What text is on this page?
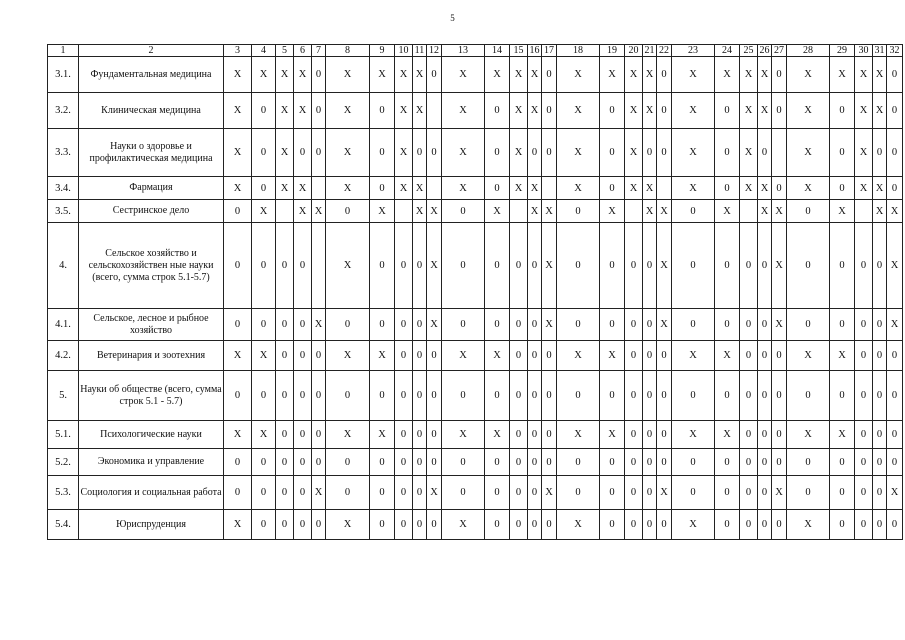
5
1	2	3	4	5	6	7	8	9	10	11	12	13	14	15	16	17	18	19	20	21	22	23	24	25	26	27	28	29	30	31	32
3.1.	Фундаментальная медицина	X	X	X	X	0	X	X	X	X	0	X	X	X	X	0	X	X	X	X	0	X	X	X	X	0	X	X	X	X	0
3.2.	Клиническая медицина	X	0	X	X	0	X	0	X	X		X	0	X	X	0	X	0	X	X	0	X	0	X	X	0	X	0	X	X	0
3.3.	Науки о здоровье и профилактическая медицина	X	0	X	0	0	X	0	X	0	0	X	0	X	0	0	X	0	X	0	0	X	0	X	0		X	0	X	0	0
3.4.	Фармация	X	0	X	X		X	0	X	X		X	0	X	X		X	0	X	X		X	0	X	X	0	X	0	X	X	0
3.5.	Сестринское дело	0	X		X	X	0	X		X	X	0	X		X	X	0	X		X	X	0	X		X	X	0	X		X	X
4.	Сельское хозяйство и сельскохозяйствен ные науки (всего, сумма строк 5.1-5.7)	0	0	0	0		X	0	0	0	X	0	0	0	0	X	0	0	0	0	X	0	0	0	0	X	0	0	0	0	X
4.1.	Сельское, лесное и рыбное хозяйство	0	0	0	0	X	0	0	0	0	X	0	0	0	0	X	0	0	0	0	X	0	0	0	0	X	0	0	0	0	X
4.2.	Ветеринария и зоотехния	X	X	0	0	0	X	X	0	0	0	X	X	0	0	0	X	X	0	0	0	X	X	0	0	0	X	X	0	0	0
5.	Науки об обществе (всего, сумма строк 5.1 - 5.7)	0	0	0	0	0	0	0	0	0	0	0	0	0	0	0	0	0	0	0	0	0	0	0	0	0	0	0	0	0	0
5.1.	Психологические науки	X	X	0	0	0	X	X	0	0	0	X	X	0	0	0	X	X	0	0	0	X	X	0	0	0	X	X	0	0	0
5.2.	Экономика и управление	0	0	0	0	0	0	0	0	0	0	0	0	0	0	0	0	0	0	0	0	0	0	0	0	0	0	0	0	0	0
5.3.	Социология и социальная работа	0	0	0	0	X	0	0	0	0	X	0	0	0	0	X	0	0	0	0	X	0	0	0	0	X	0	0	0	0	X
5.4.	Юриспруденция	X	0	0	0	0	X	0	0	0	0	X	0	0	0	0	X	0	0	0	0	X	0	0	0	0	X	0	0	0	0
